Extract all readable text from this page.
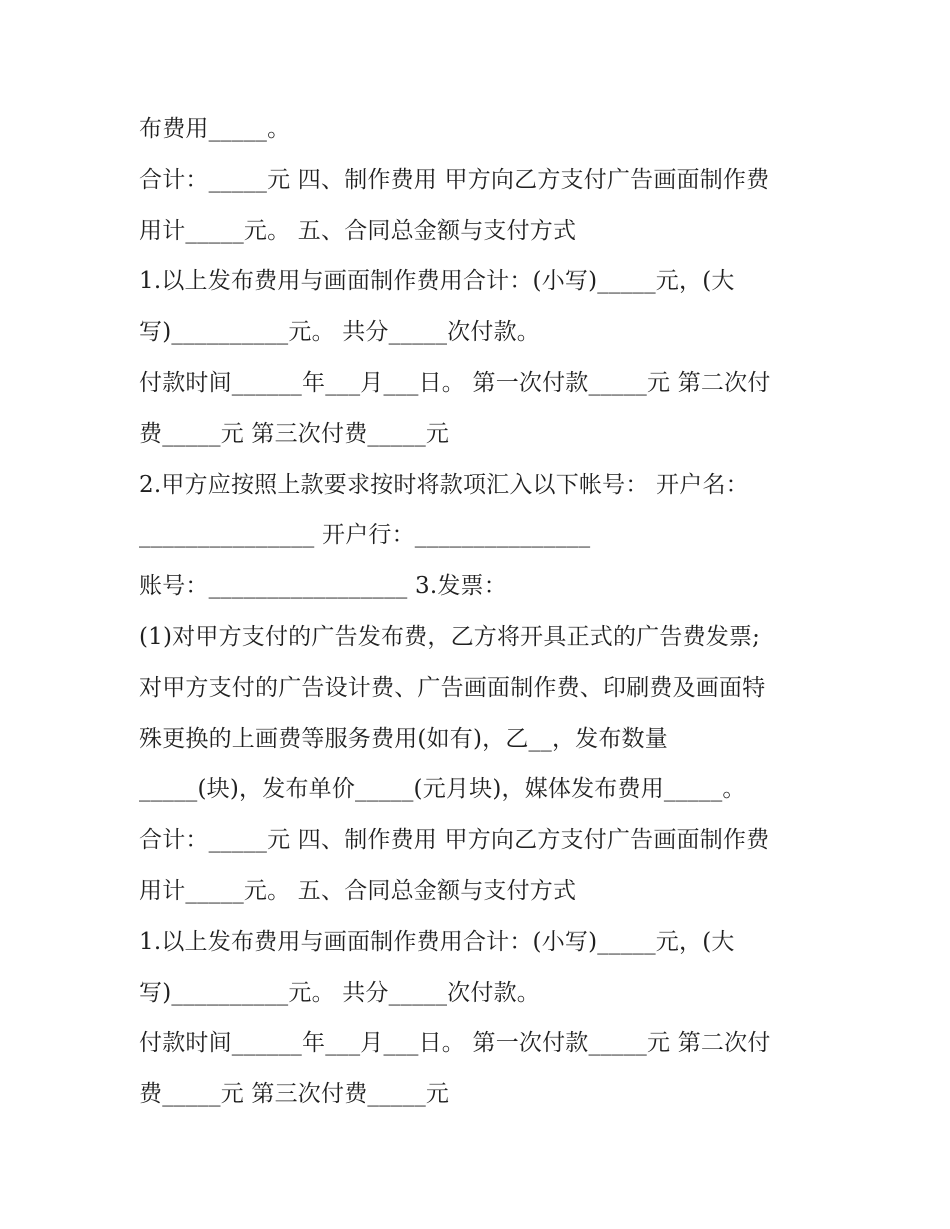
布费用_____。
合计：_____元 四、制作费用 甲方向乙方支付广告画面制作费
用计_____元。 五、合同总金额与支付方式
1.以上发布费用与画面制作费用合计：(小写)_____元，(大
写)__________元。 共分_____次付款。
付款时间______年___月___日。 第一次付款_____元 第二次付
费_____元 第三次付费_____元
2.甲方应按照上款要求按时将款项汇入以下帐号： 开户名：
_______________ 开户行：_______________
账号：_________________ 3.发票：
(1)对甲方支付的广告发布费，乙方将开具正式的广告费发票;
对甲方支付的广告设计费、广告画面制作费、印刷费及画面特
殊更换的上画费等服务费用(如有)，乙__，发布数量
_____(块)，发布单价_____(元月块)，媒体发布费用_____。
合计：_____元 四、制作费用 甲方向乙方支付广告画面制作费
用计_____元。 五、合同总金额与支付方式
1.以上发布费用与画面制作费用合计：(小写)_____元，(大
写)__________元。 共分_____次付款。
付款时间______年___月___日。 第一次付款_____元 第二次付
费_____元 第三次付费_____元
